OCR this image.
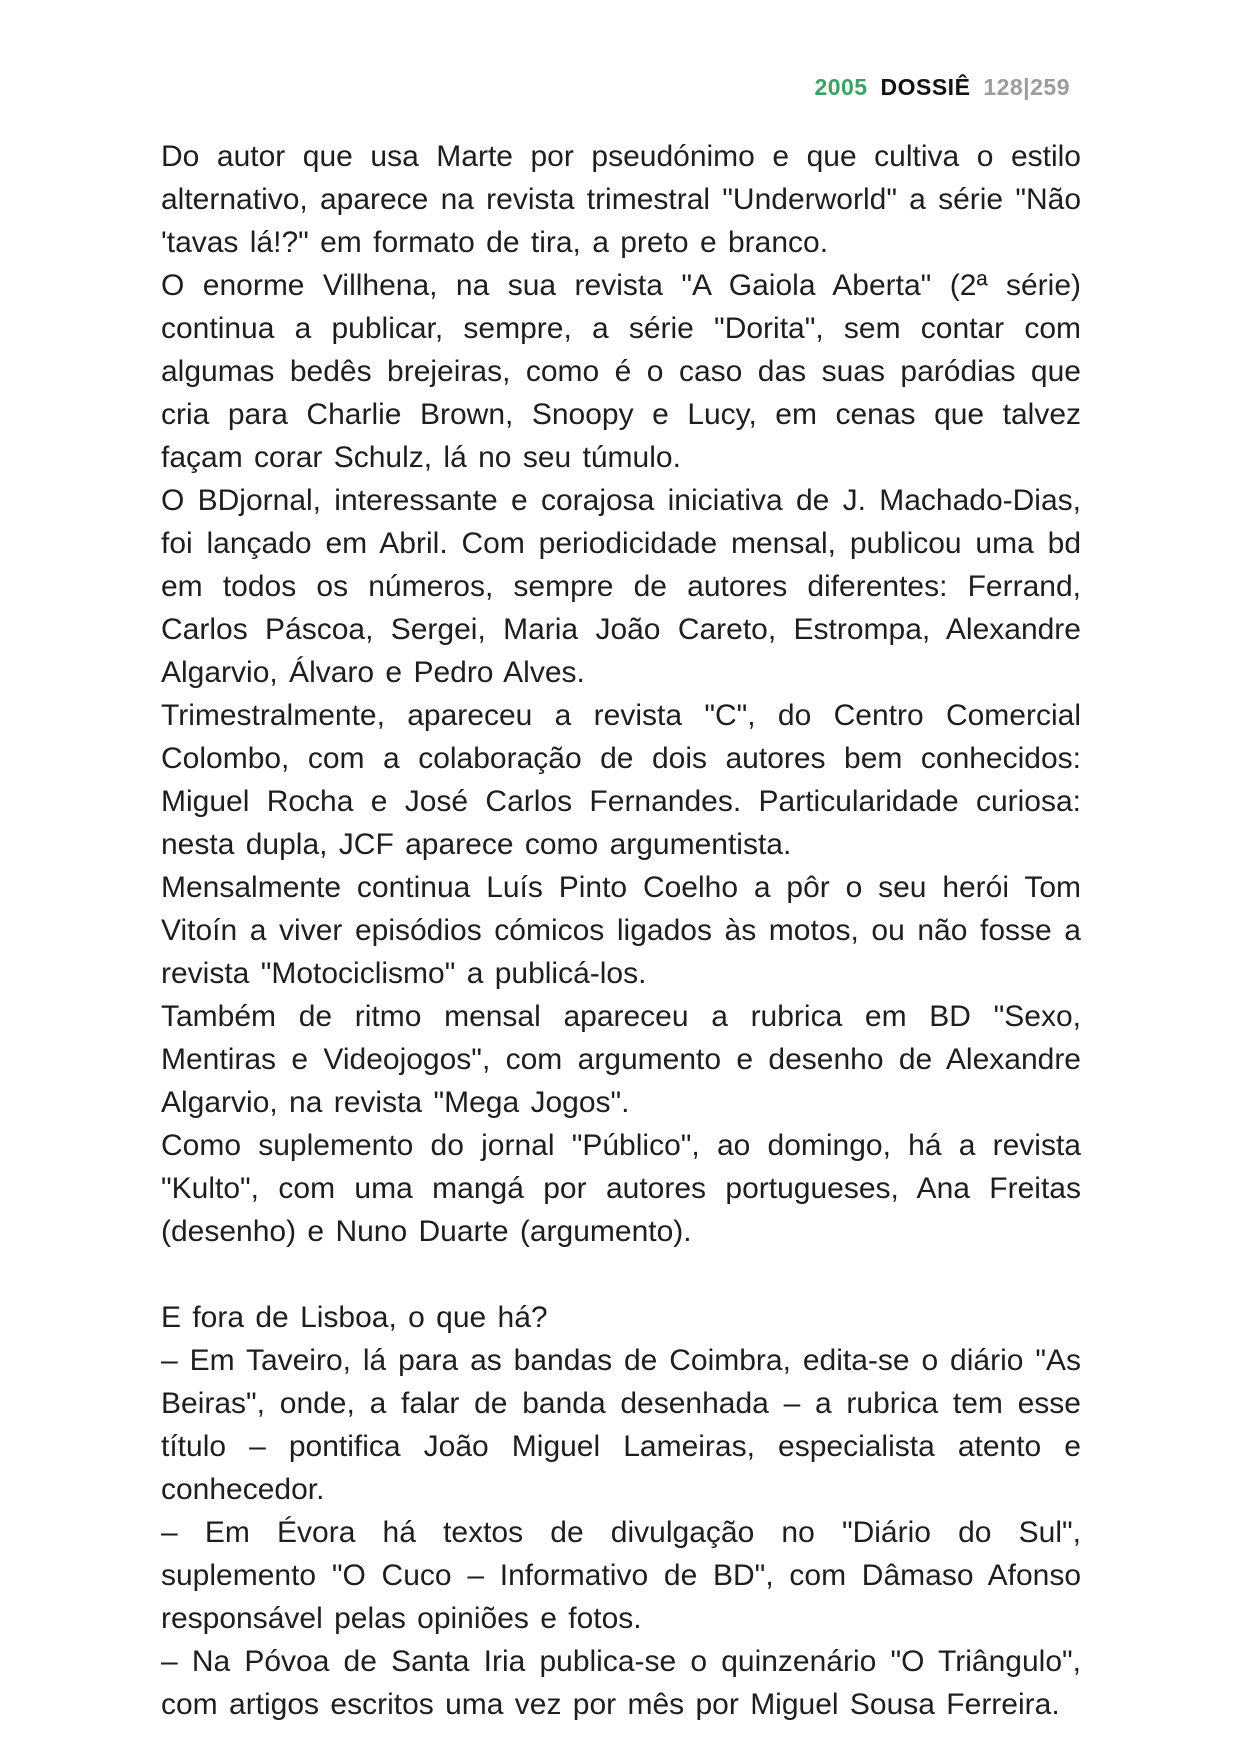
2005 DOSSIÊ 128|259

Do autor que usa Marte por pseudónimo e que cultiva o estilo alternativo, aparece na revista trimestral "Underworld" a série "Não 'tavas lá!?" em formato de tira, a preto e branco.

O enorme Villhena, na sua revista "A Gaiola Aberta" (2ª série) continua a publicar, sempre, a série "Dorita", sem contar com algumas bedês brejeiras, como é o caso das suas paródias que cria para Charlie Brown, Snoopy e Lucy, em cenas que talvez façam corar Schulz, lá no seu túmulo.

O BDjornal, interessante e corajosa iniciativa de J. Machado-Dias, foi lançado em Abril. Com periodicidade mensal, publicou uma bd em todos os números, sempre de autores diferentes: Ferrand, Carlos Páscoa, Sergei, Maria João Careto, Estrompa, Alexandre Algarvio, Álvaro e Pedro Alves.

Trimestralmente, apareceu a revista "C", do Centro Comercial Colombo, com a colaboração de dois autores bem conhecidos: Miguel Rocha e José Carlos Fernandes. Particularidade curiosa: nesta dupla, JCF aparece como argumentista.

Mensalmente continua Luís Pinto Coelho a pôr o seu herói Tom Vitoín a viver episódios cómicos ligados às motos, ou não fosse a revista "Motociclismo" a publicá-los.

Também de ritmo mensal apareceu a rubrica em BD "Sexo, Mentiras e Videojogos", com argumento e desenho de Alexandre Algarvio, na revista "Mega Jogos".

Como suplemento do jornal "Público", ao domingo, há a revista "Kulto", com uma mangá por autores portugueses, Ana Freitas (desenho) e Nuno Duarte (argumento).

E fora de Lisboa, o que há?

– Em Taveiro, lá para as bandas de Coimbra, edita-se o diário "As Beiras", onde, a falar de banda desenhada – a rubrica tem esse título – pontifica João Miguel Lameiras, especialista atento e conhecedor.

– Em Évora há textos de divulgação no "Diário do Sul", suplemento "O Cuco – Informativo de BD", com Dâmaso Afonso responsável pelas opiniões e fotos.

– Na Póvoa de Santa Iria publica-se o quinzenário "O Triângulo", com artigos escritos uma vez por mês por Miguel Sousa Ferreira.
